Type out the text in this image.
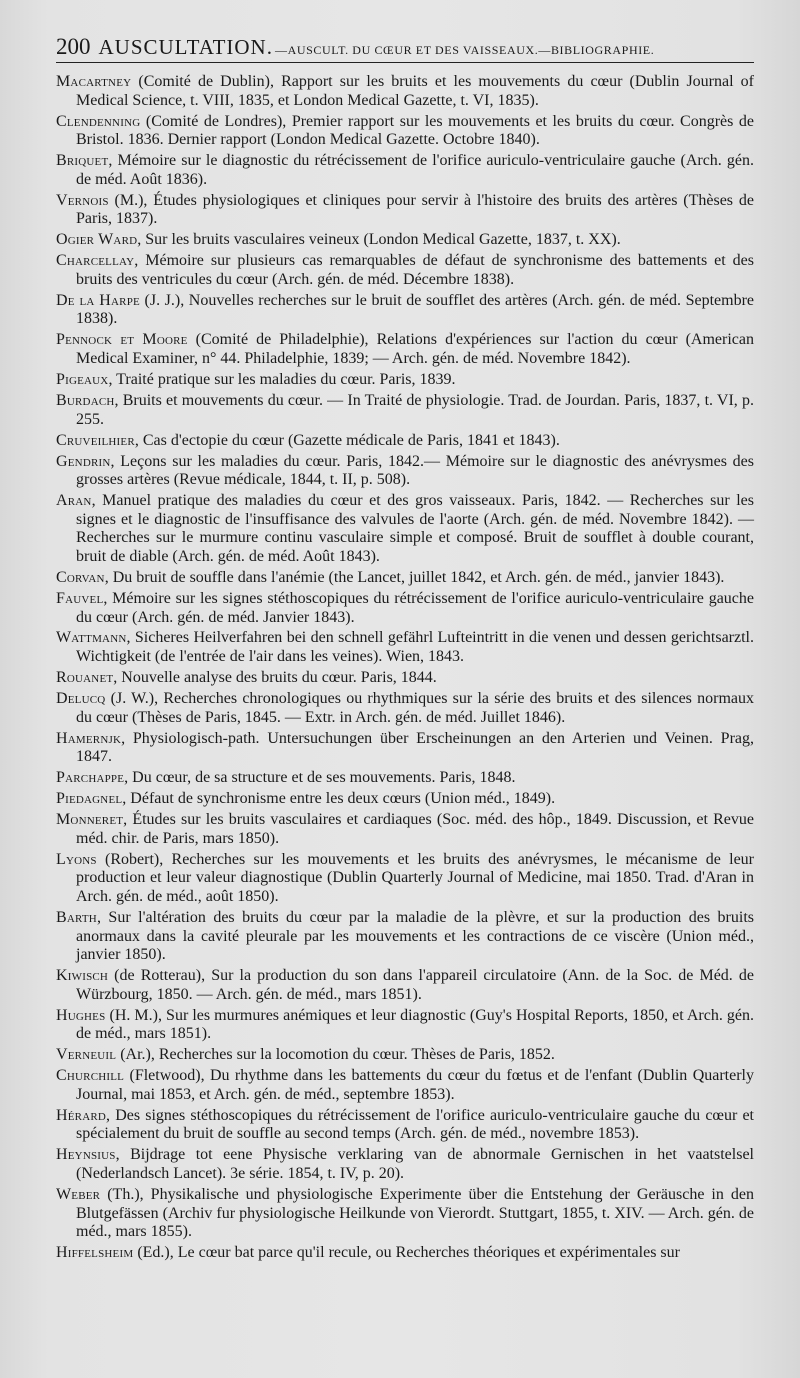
200 AUSCULTATION. —AUSCULT. DU CŒUR ET DES VAISSEAUX.—BIBLIOGRAPHIE.

Macartney (Comité de Dublin), Rapport sur les bruits et les mouvements du cœur (Dublin Journal of Medical Science, t. VIII, 1835, et London Medical Gazette, t. VI, 1835).

Clendenning (Comité de Londres), Premier rapport sur les mouvements et les bruits du cœur. Congrès de Bristol. 1836. Dernier rapport (London Medical Gazette. Octobre 1840).

Briquet, Mémoire sur le diagnostic du rétrécissement de l'orifice auriculo-ventriculaire gauche (Arch. gén. de méd. Août 1836).

Vernois (M.), Études physiologiques et cliniques pour servir à l'histoire des bruits des artères (Thèses de Paris, 1837).

Ogier Ward, Sur les bruits vasculaires veineux (London Medical Gazette, 1837, t. XX).

Charcellay, Mémoire sur plusieurs cas remarquables de défaut de synchronisme des battements et des bruits des ventricules du cœur (Arch. gén. de méd. Décembre 1838).

De la Harpe (J. J.), Nouvelles recherches sur le bruit de soufflet des artères (Arch. gén. de méd. Septembre 1838).

Pennock et Moore (Comité de Philadelphie), Relations d'expériences sur l'action du cœur (American Medical Examiner, n° 44. Philadelphie, 1839; — Arch. gén. de méd. Novembre 1842).

Pigeaux, Traité pratique sur les maladies du cœur. Paris, 1839.

Burdach, Bruits et mouvements du cœur. — In Traité de physiologie. Trad. de Jourdan. Paris, 1837, t. VI, p. 255.

Cruveilhier, Cas d'ectopie du cœur (Gazette médicale de Paris, 1841 et 1843).

Gendrin, Leçons sur les maladies du cœur. Paris, 1842.— Mémoire sur le diagnostic des anévrysmes des grosses artères (Revue médicale, 1844, t. II, p. 508).

Aran, Manuel pratique des maladies du cœur et des gros vaisseaux. Paris, 1842. — Recherches sur les signes et le diagnostic de l'insuffisance des valvules de l'aorte (Arch. gén. de méd. Novembre 1842). — Recherches sur le murmure continu vasculaire simple et composé. Bruit de soufflet à double courant, bruit de diable (Arch. gén. de méd. Août 1843).

Corvan, Du bruit de souffle dans l'anémie (the Lancet, juillet 1842, et Arch. gén. de méd., janvier 1843).

Fauvel, Mémoire sur les signes stéthoscopiques du rétrécissement de l'orifice auriculo-ventriculaire gauche du cœur (Arch. gén. de méd. Janvier 1843).

Wattmann, Sicheres Heilverfahren bei den schnell gefährl Lufteintritt in die venen und dessen gerichtsarztl. Wichtigkeit (de l'entrée de l'air dans les veines). Wien, 1843.

Rouanet, Nouvelle analyse des bruits du cœur. Paris, 1844.

Delucq (J. W.), Recherches chronologiques ou rhythmiques sur la série des bruits et des silences normaux du cœur (Thèses de Paris, 1845. — Extr. in Arch. gén. de méd. Juillet 1846).

Hamernjk, Physiologisch-path. Untersuchungen über Erscheinungen an den Arterien und Veinen. Prag, 1847.

Parchappe, Du cœur, de sa structure et de ses mouvements. Paris, 1848.

Piedagnel, Défaut de synchronisme entre les deux cœurs (Union méd., 1849).

Monneret, Études sur les bruits vasculaires et cardiaques (Soc. méd. des hôp., 1849. Discussion, et Revue méd. chir. de Paris, mars 1850).

Lyons (Robert), Recherches sur les mouvements et les bruits des anévrysmes, le mécanisme de leur production et leur valeur diagnostique (Dublin Quarterly Journal of Medicine, mai 1850. Trad. d'Aran in Arch. gén. de méd., août 1850).

Barth, Sur l'altération des bruits du cœur par la maladie de la plèvre, et sur la production des bruits anormaux dans la cavité pleurale par les mouvements et les contractions de ce viscère (Union méd., janvier 1850).

Kiwisch (de Rotterau), Sur la production du son dans l'appareil circulatoire (Ann. de la Soc. de Méd. de Würzbourg, 1850. — Arch. gén. de méd., mars 1851).

Hughes (H. M.), Sur les murmures anémiques et leur diagnostic (Guy's Hospital Reports, 1850, et Arch. gén. de méd., mars 1851).

Verneuil (Ar.), Recherches sur la locomotion du cœur. Thèses de Paris, 1852.

Churchill (Fletwood), Du rhythme dans les battements du cœur du fœtus et de l'enfant (Dublin Quarterly Journal, mai 1853, et Arch. gén. de méd., septembre 1853).

Hérard, Des signes stéthoscopiques du rétrécissement de l'orifice auriculo-ventriculaire gauche du cœur et spécialement du bruit de souffle au second temps (Arch. gén. de méd., novembre 1853).

Heynsius, Bijdrage tot eene Physische verklaring van de abnormale Gernischen in het vaatstelsel (Nederlandsch Lancet). 3e série. 1854, t. IV, p. 20).

Weber (Th.), Physikalische und physiologische Experimente über die Entstehung der Geräusche in den Blutgefässen (Archiv fur physiologische Heilkunde von Vierordt. Stuttgart, 1855, t. XIV. — Arch. gén. de méd., mars 1855).

Hiffelsheim (Ed.), Le cœur bat parce qu'il recule, ou Recherches théoriques et expérimentales sur
